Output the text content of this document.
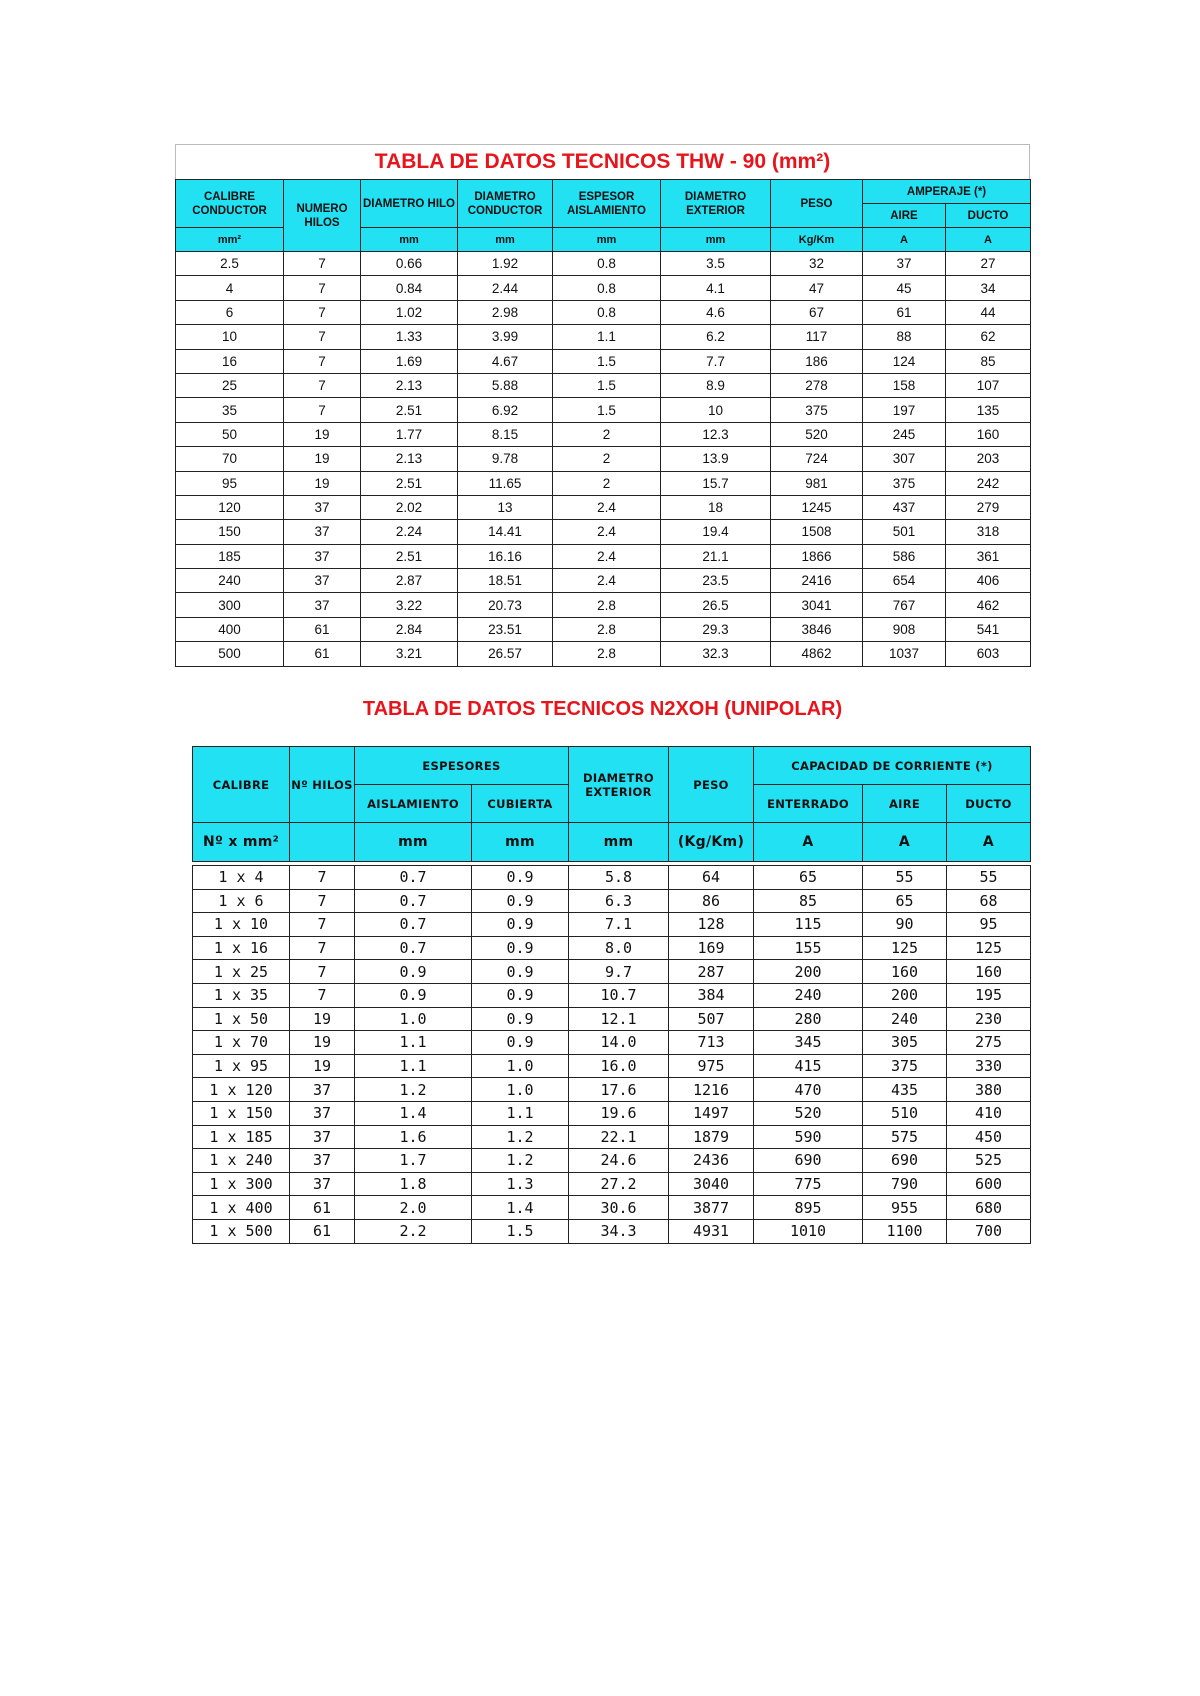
TABLA DE DATOS TECNICOS THW - 90 (mm²)
CALIBRE CONDUCTOR	NUMERO HILOS	DIAMETRO HILO	DIAMETRO CONDUCTOR	ESPESOR AISLAMIENTO	DIAMETRO EXTERIOR	PESO	AMPERAJE (*)	
							AIRE	DUCTO
mm²		mm	mm	mm	mm	Kg/Km	A	A
2.5	7	0.66	1.92	0.8	3.5	32	37	27
4	7	0.84	2.44	0.8	4.1	47	45	34
6	7	1.02	2.98	0.8	4.6	67	61	44
10	7	1.33	3.99	1.1	6.2	117	88	62
16	7	1.69	4.67	1.5	7.7	186	124	85
25	7	2.13	5.88	1.5	8.9	278	158	107
35	7	2.51	6.92	1.5	10	375	197	135
50	19	1.77	8.15	2	12.3	520	245	160
70	19	2.13	9.78	2	13.9	724	307	203
95	19	2.51	11.65	2	15.7	981	375	242
120	37	2.02	13	2.4	18	1245	437	279
150	37	2.24	14.41	2.4	19.4	1508	501	318
185	37	2.51	16.16	2.4	21.1	1866	586	361
240	37	2.87	18.51	2.4	23.5	2416	654	406
300	37	3.22	20.73	2.8	26.5	3041	767	462
400	61	2.84	23.51	2.8	29.3	3846	908	541
500	61	3.21	26.57	2.8	32.3	4862	1037	603
TABLA DE DATOS TECNICOS N2XOH (UNIPOLAR)
CALIBRE	Nº HILOS	ESPESORES		DIAMETRO EXTERIOR	PESO	CAPACIDAD DE CORRIENTE (*)		
		AISLAMIENTO	CUBIERTA			ENTERRADO	AIRE	DUCTO
Nº x mm²		mm	mm	mm	(Kg/Km)	A	A	A

1 x 4	7	0.7	0.9	5.8	64	65	55	55
1 x 6	7	0.7	0.9	6.3	86	85	65	68
1 x 10	7	0.7	0.9	7.1	128	115	90	95
1 x 16	7	0.7	0.9	8.0	169	155	125	125
1 x 25	7	0.9	0.9	9.7	287	200	160	160
1 x 35	7	0.9	0.9	10.7	384	240	200	195
1 x 50	19	1.0	0.9	12.1	507	280	240	230
1 x 70	19	1.1	0.9	14.0	713	345	305	275
1 x 95	19	1.1	1.0	16.0	975	415	375	330
1 x 120	37	1.2	1.0	17.6	1216	470	435	380
1 x 150	37	1.4	1.1	19.6	1497	520	510	410
1 x 185	37	1.6	1.2	22.1	1879	590	575	450
1 x 240	37	1.7	1.2	24.6	2436	690	690	525
1 x 300	37	1.8	1.3	27.2	3040	775	790	600
1 x 400	61	2.0	1.4	30.6	3877	895	955	680
1 x 500	61	2.2	1.5	34.3	4931	1010	1100	700
